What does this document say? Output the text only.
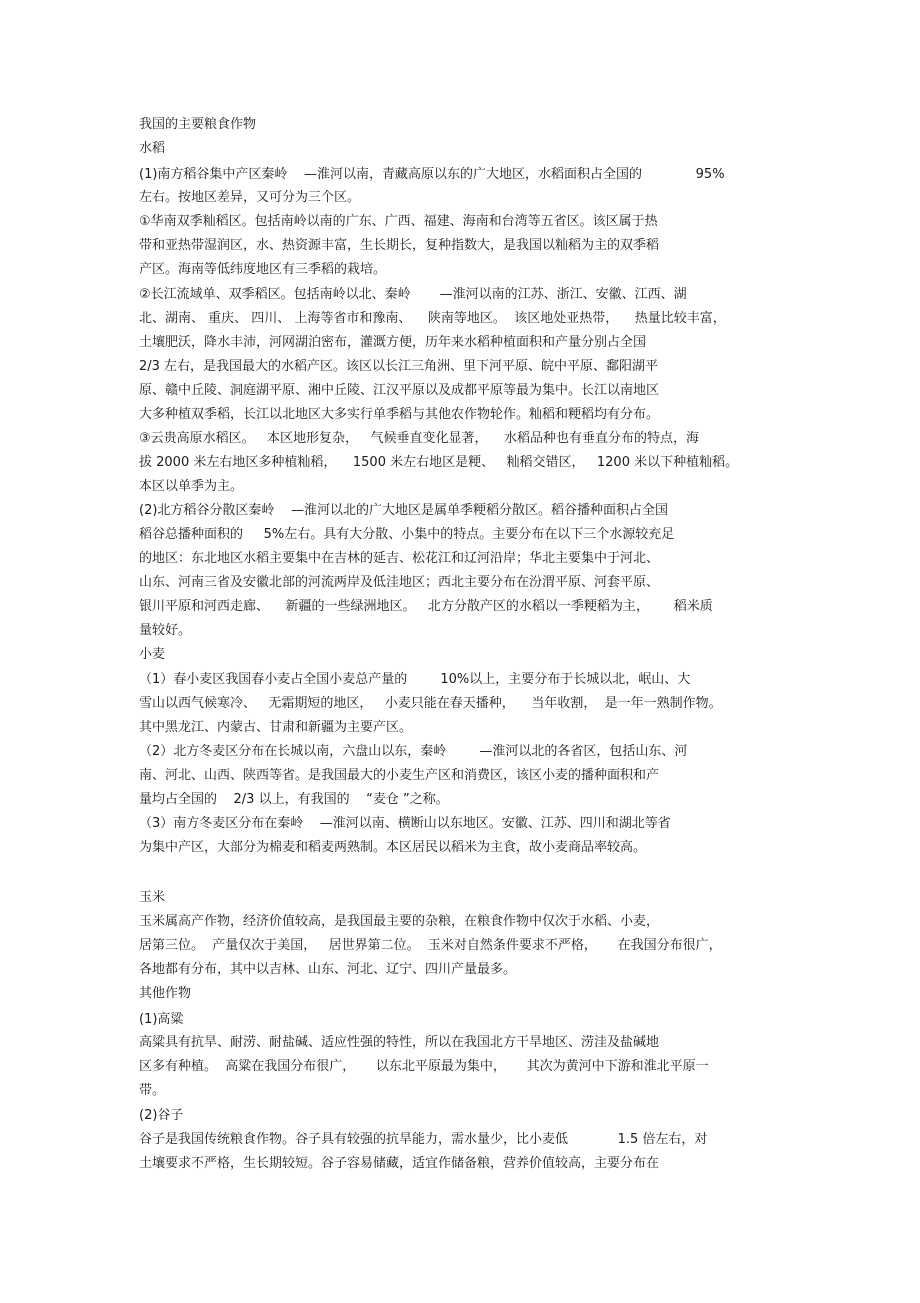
我国的主要粮食作物
水稻
(1)南方稻谷集中产区秦岭    —淮河以南，青藏高原以东的广大地区，水稻面积占全国的             95%
左右。按地区差异，又可分为三个区。
①华南双季籼稻区。包括南岭以南的广东、广西、福建、海南和台湾等五省区。该区属于热
带和亚热带湿润区，水、热资源丰富，生长期长，复种指数大，是我国以籼稻为主的双季稻
产区。海南等低纬度地区有三季稻的栽培。
②长江流域单、双季稻区。包括南岭以北、秦岭       —淮河以南的江苏、浙江、安徽、江西、湖
北、湖南、 重庆、 四川、 上海等省市和豫南、    陕南等地区。  该区地处亚热带，    热量比较丰富，
土壤肥沃，降水丰沛，河网湖泊密布，灌溉方便，历年来水稻种植面积和产量分别占全国
2/3 左右，是我国最大的水稻产区。该区以长江三角洲、里下河平原、皖中平原、鄱阳湖平
原、赣中丘陵、洞庭湖平原、湘中丘陵、江汉平原以及成都平原等最为集中。长江以南地区
大多种植双季稻，长江以北地区大多实行单季稻与其他农作物轮作。籼稻和粳稻均有分布。
③云贵高原水稻区。   本区地形复杂，   气候垂直变化显著，    水稻品种也有垂直分布的特点，海
拔 2000 米左右地区多种植籼稻，    1500 米左右地区是粳、   籼稻交错区，   1200 米以下种植籼稻。
本区以单季为主。
(2)北方稻谷分散区秦岭    —淮河以北的广大地区是属单季粳稻分散区。稻谷播种面积占全国
稻谷总播种面积的     5%左右。具有大分散、小集中的特点。主要分布在以下三个水源较充足
的地区：东北地区水稻主要集中在吉林的延吉、松花江和辽河沿岸；华北主要集中于河北、
山东、河南三省及安徽北部的河流两岸及低洼地区；西北主要分布在汾渭平原、河套平原、
银川平原和河西走廊、    新疆的一些绿洲地区。   北方分散产区的水稻以一季粳稻为主，      稻米质
量较好。
小麦
（1）春小麦区我国春小麦占全国小麦总产量的        10%以上，主要分布于长城以北，岷山、大
雪山以西气候寒冷、   无霜期短的地区，   小麦只能在春天播种，    当年收割，  是一年一熟制作物。
其中黑龙江、内蒙古、甘肃和新疆为主要产区。
（2）北方冬麦区分布在长城以南，六盘山以东，秦岭        —淮河以北的各省区，包括山东、河
南、河北、山西、陕西等省。是我国最大的小麦生产区和消费区，该区小麦的播种面积和产
量均占全国的    2/3 以上，有我国的    “麦仓 ”之称。
（3）南方冬麦区分布在秦岭    —淮河以南、横断山以东地区。安徽、江苏、四川和湖北等省
为集中产区，大部分为棉麦和稻麦两熟制。本区居民以稻米为主食，故小麦商品率较高。
玉米
玉米属高产作物，经济价值较高，是我国最主要的杂粮，在粮食作物中仅次于水稻、小麦，
居第三位。  产量仅次于美国，   居世界第二位。  玉米对自然条件要求不严格，     在我国分布很广，
各地都有分布，其中以吉林、山东、河北、辽宁、四川产量最多。
其他作物
(1)高粱
高粱具有抗旱、耐涝、耐盐碱、适应性强的特性，所以在我国北方干旱地区、涝洼及盐碱地
区多有种植。  高粱在我国分布很广，     以东北平原最为集中，     其次为黄河中下游和淮北平原一
带。
(2)谷子
谷子是我国传统粮食作物。谷子具有较强的抗旱能力，需水量少，比小麦低            1.5 倍左右，对
土壤要求不严格，生长期较短。谷子容易储藏，适宜作储备粮，营养价值较高，主要分布在
